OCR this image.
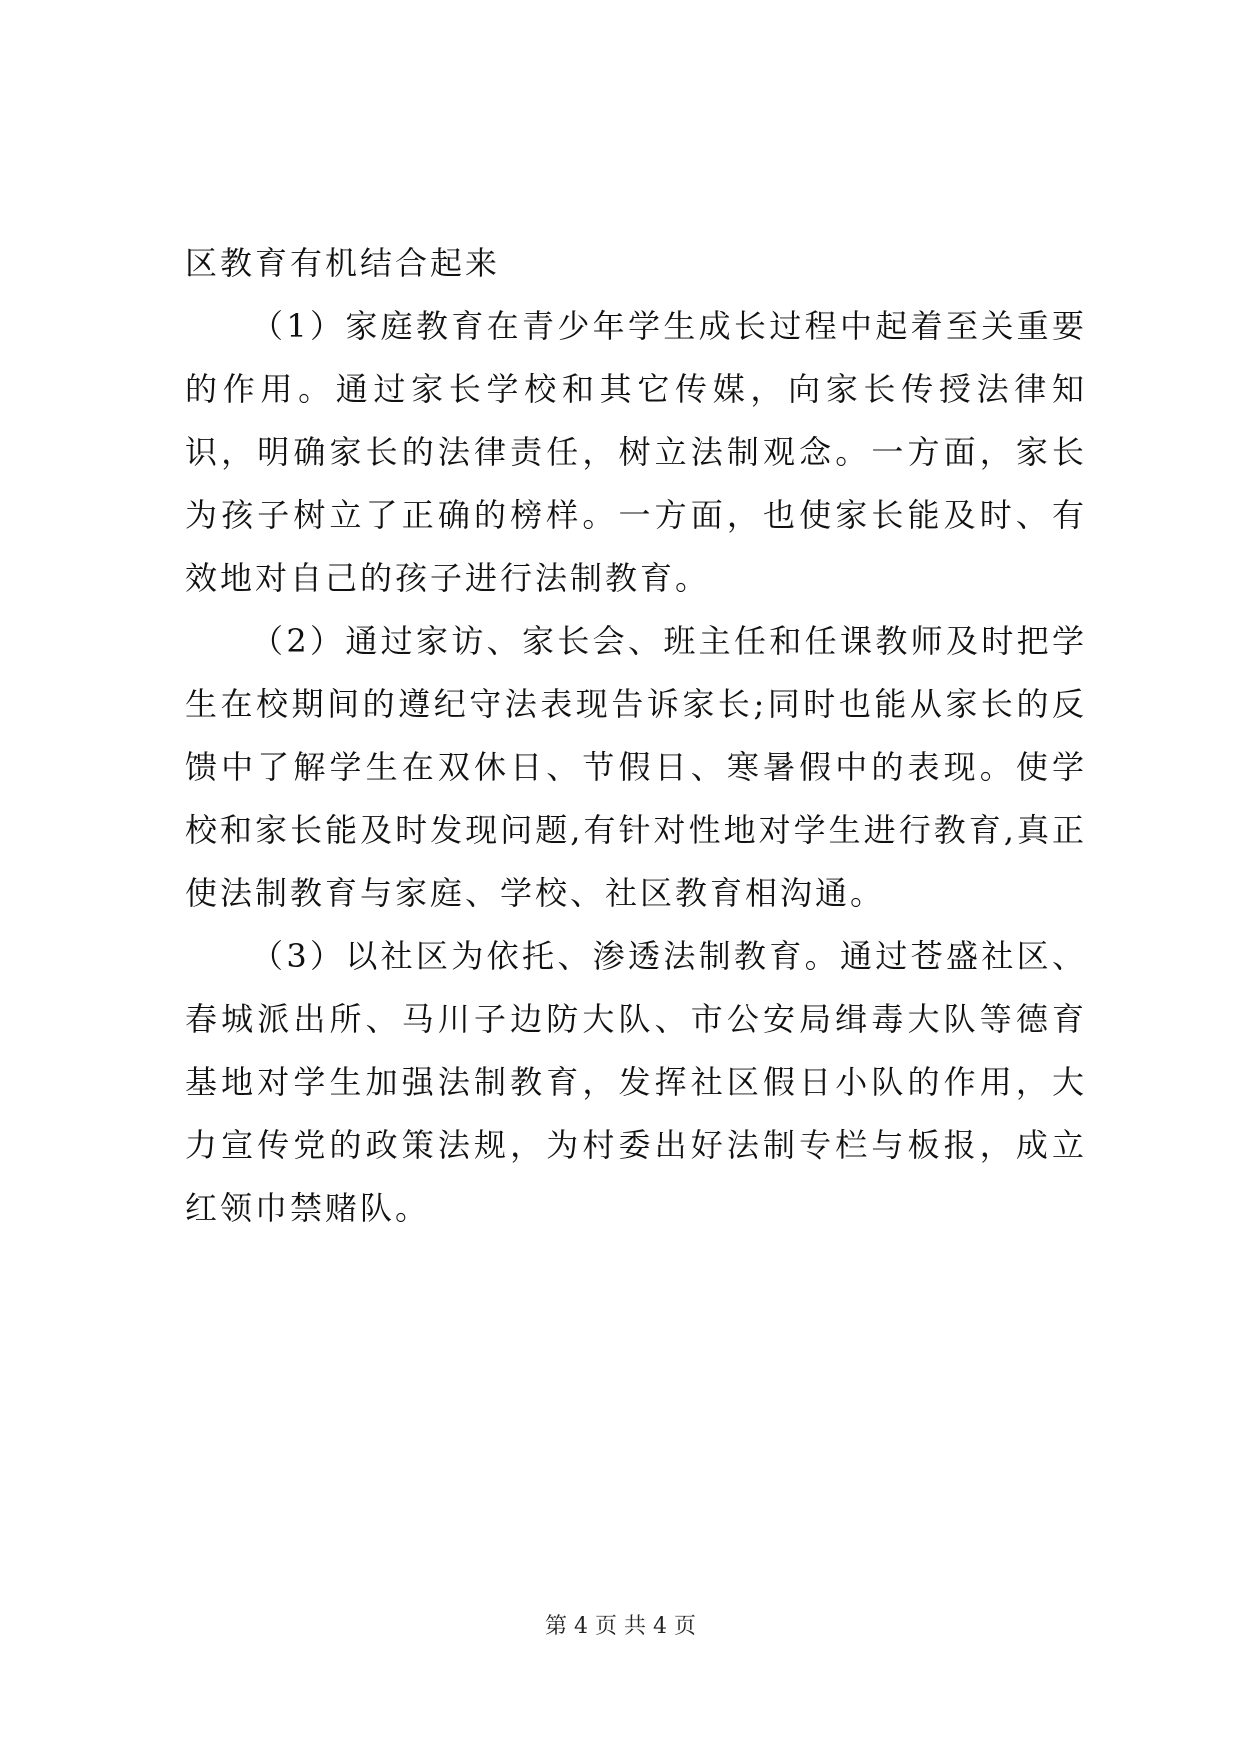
区教育有机结合起来

（1）家庭教育在青少年学生成长过程中起着至关重要的作用。通过家长学校和其它传媒，向家长传授法律知识，明确家长的法律责任，树立法制观念。一方面，家长为孩子树立了正确的榜样。一方面，也使家长能及时、有效地对自己的孩子进行法制教育。

（2）通过家访、家长会、班主任和任课教师及时把学生在校期间的遵纪守法表现告诉家长;同时也能从家长的反馈中了解学生在双休日、节假日、寒暑假中的表现。使学校和家长能及时发现问题,有针对性地对学生进行教育,真正使法制教育与家庭、学校、社区教育相沟通。

（3）以社区为依托、渗透法制教育。通过苍盛社区、春城派出所、马川子边防大队、市公安局缉毒大队等德育基地对学生加强法制教育，发挥社区假日小队的作用，大力宣传党的政策法规，为村委出好法制专栏与板报，成立红领巾禁赌队。

第 4 页 共 4 页
